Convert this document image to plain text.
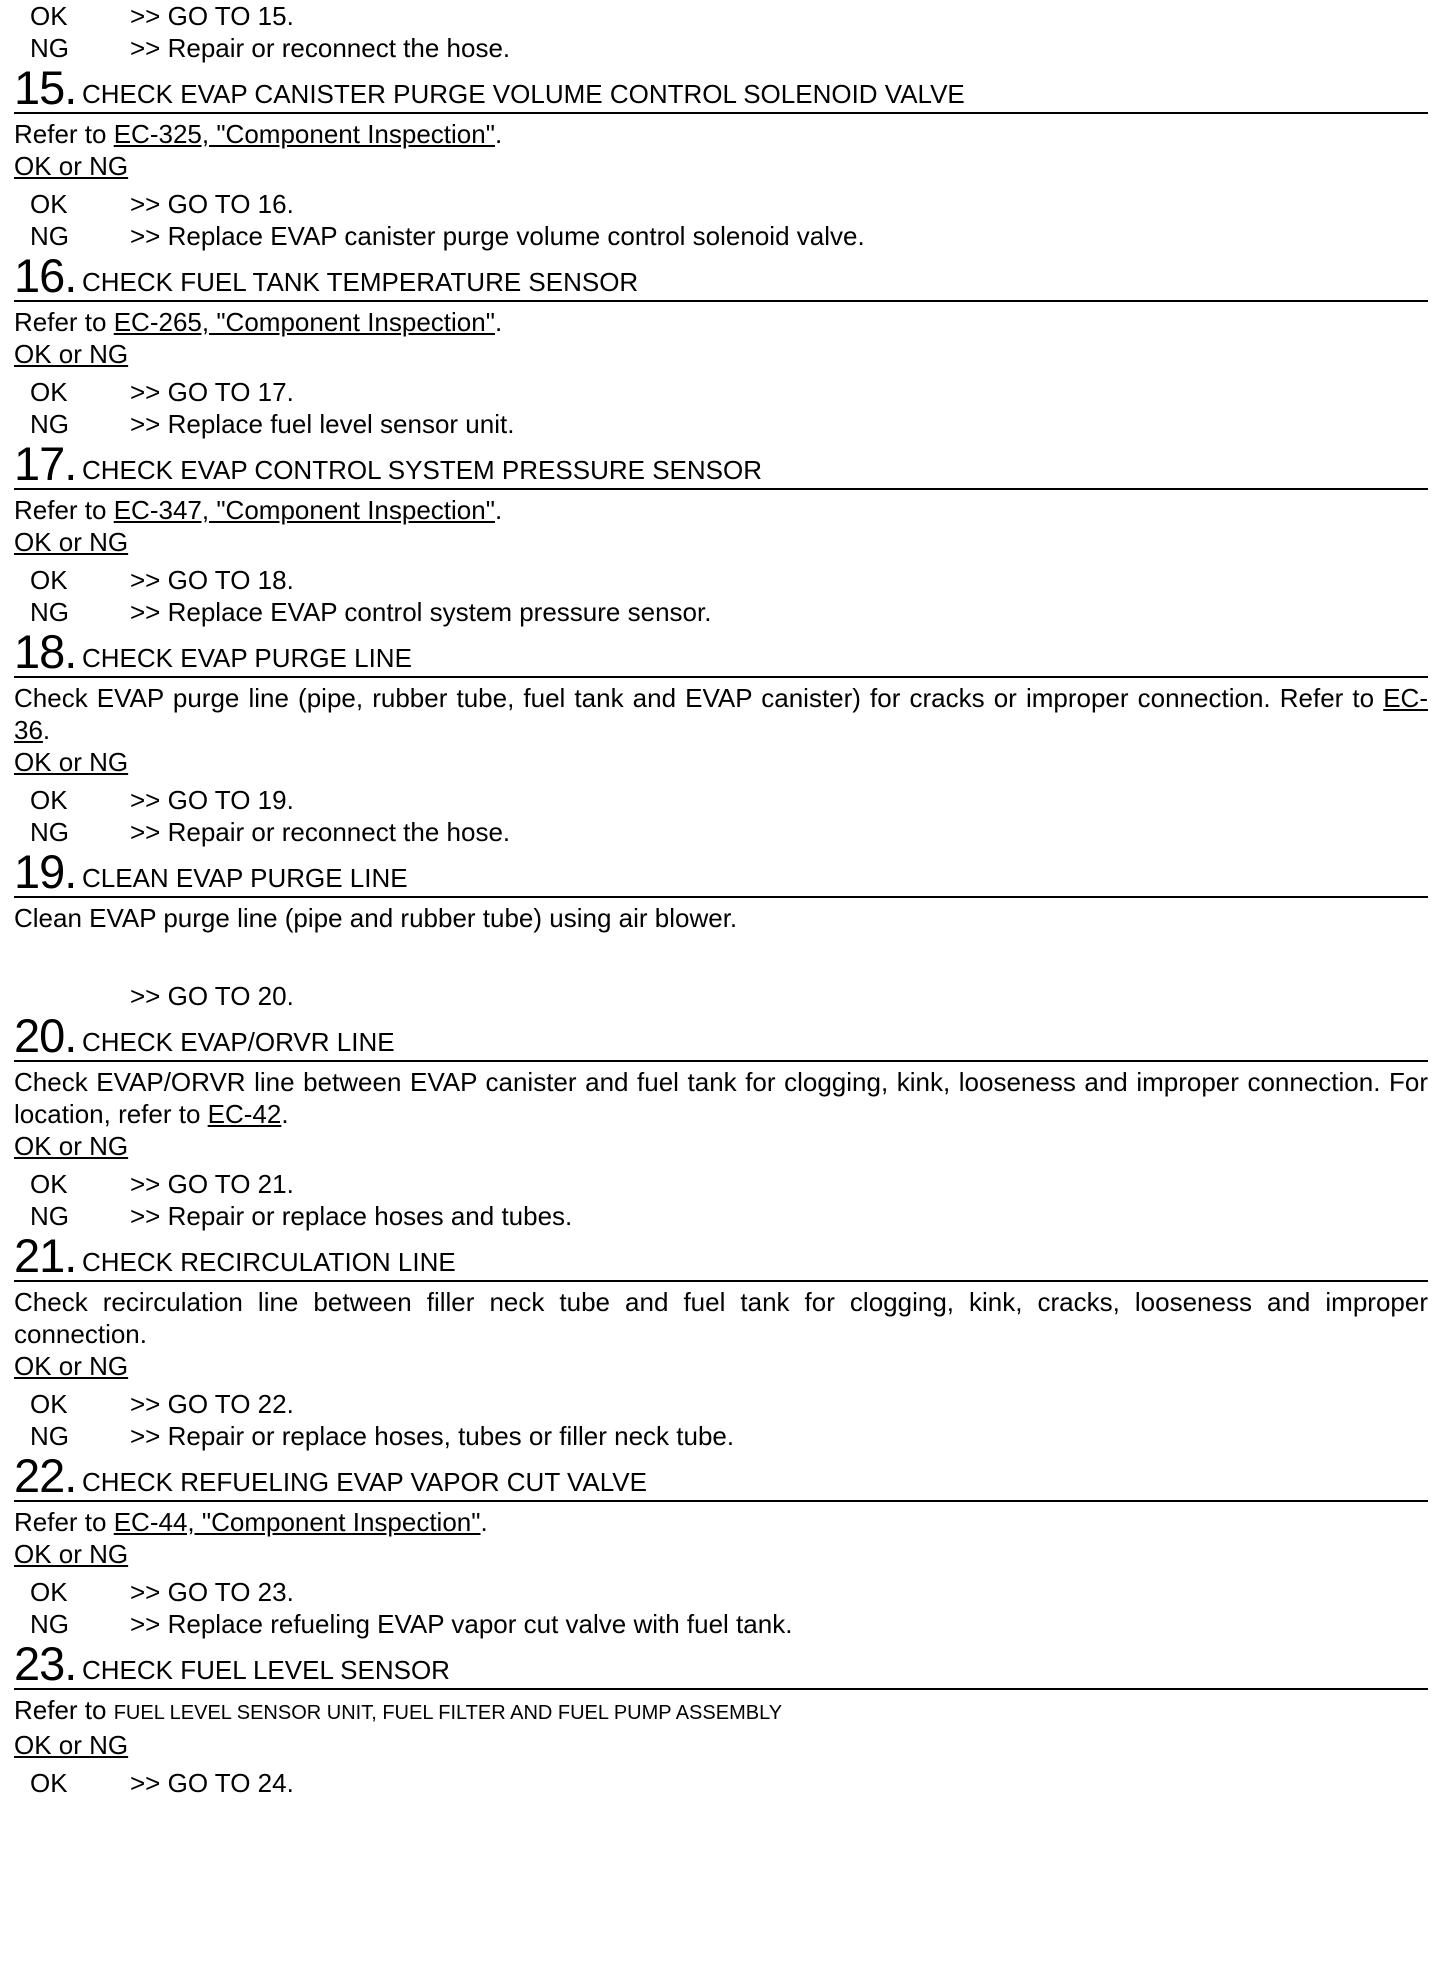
OK >> GO TO 15.
NG >> Repair or reconnect the hose.
15. CHECK EVAP CANISTER PURGE VOLUME CONTROL SOLENOID VALVE
Refer to EC-325, "Component Inspection".
OK or NG
OK >> GO TO 16.
NG >> Replace EVAP canister purge volume control solenoid valve.
16. CHECK FUEL TANK TEMPERATURE SENSOR
Refer to EC-265, "Component Inspection".
OK or NG
OK >> GO TO 17.
NG >> Replace fuel level sensor unit.
17. CHECK EVAP CONTROL SYSTEM PRESSURE SENSOR
Refer to EC-347, "Component Inspection".
OK or NG
OK >> GO TO 18.
NG >> Replace EVAP control system pressure sensor.
18. CHECK EVAP PURGE LINE
Check EVAP purge line (pipe, rubber tube, fuel tank and EVAP canister) for cracks or improper connection. Refer to EC-36.
OK or NG
OK >> GO TO 19.
NG >> Repair or reconnect the hose.
19. CLEAN EVAP PURGE LINE
Clean EVAP purge line (pipe and rubber tube) using air blower.
>> GO TO 20.
20. CHECK EVAP/ORVR LINE
Check EVAP/ORVR line between EVAP canister and fuel tank for clogging, kink, looseness and improper connection. For location, refer to EC-42.
OK or NG
OK >> GO TO 21.
NG >> Repair or replace hoses and tubes.
21. CHECK RECIRCULATION LINE
Check recirculation line between filler neck tube and fuel tank for clogging, kink, cracks, looseness and improper connection.
OK or NG
OK >> GO TO 22.
NG >> Repair or replace hoses, tubes or filler neck tube.
22. CHECK REFUELING EVAP VAPOR CUT VALVE
Refer to EC-44, "Component Inspection".
OK or NG
OK >> GO TO 23.
NG >> Replace refueling EVAP vapor cut valve with fuel tank.
23. CHECK FUEL LEVEL SENSOR
Refer to FUEL LEVEL SENSOR UNIT, FUEL FILTER AND FUEL PUMP ASSEMBLY
OK or NG
OK >> GO TO 24.
